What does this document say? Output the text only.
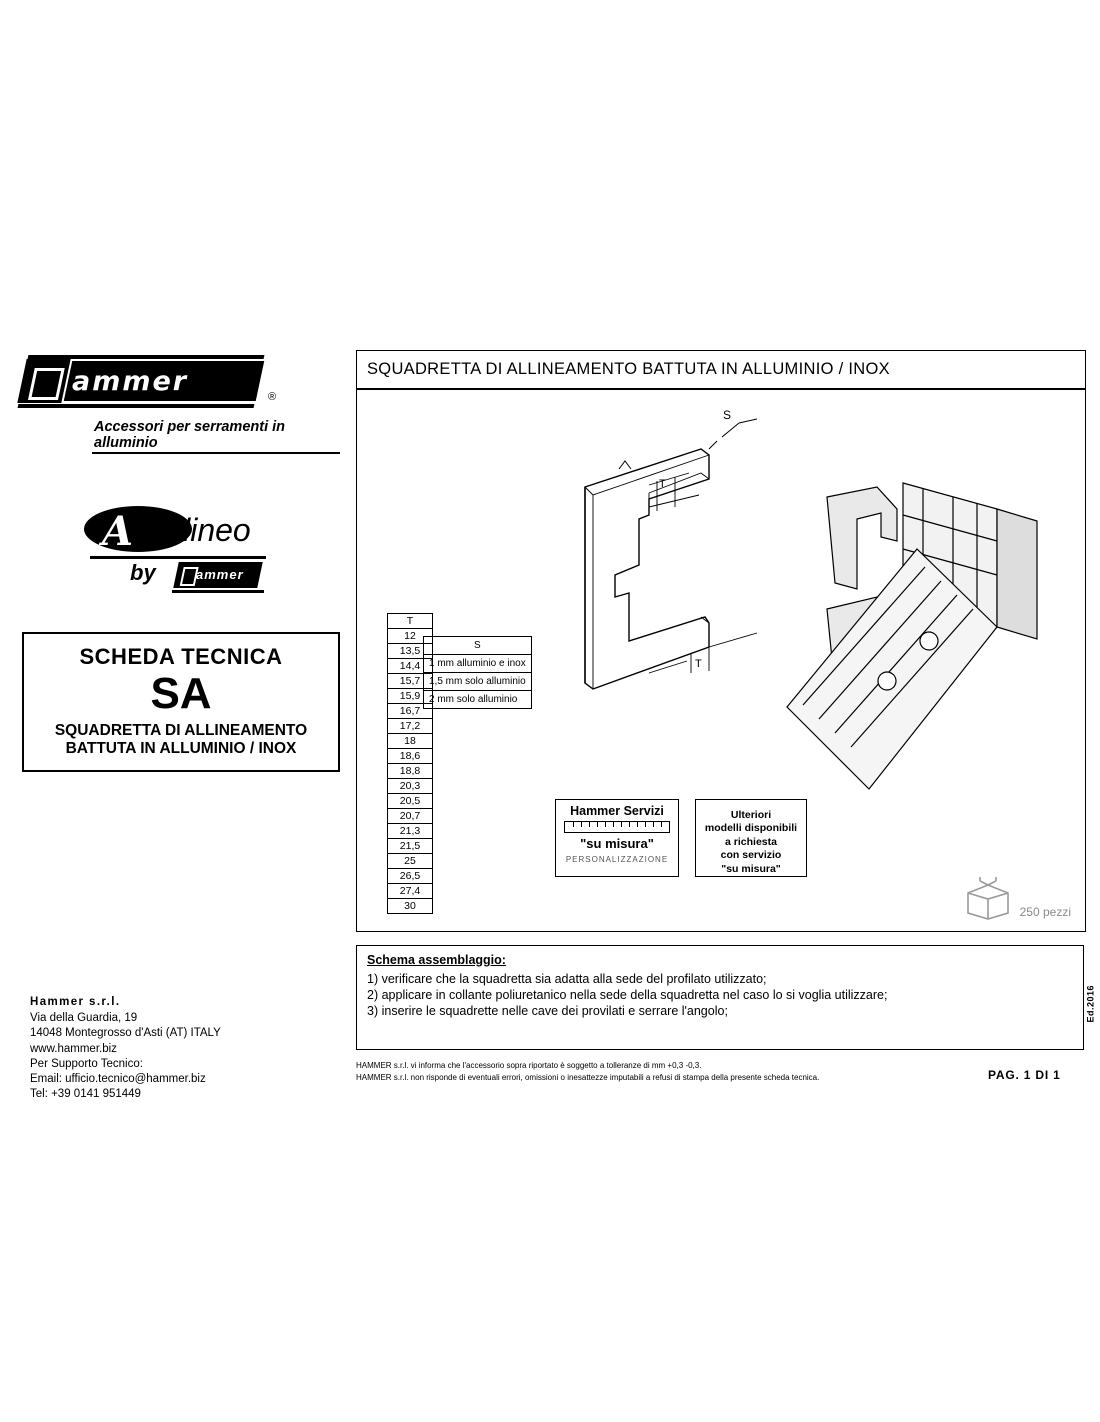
ammer	®
Accessori per serramenti in alluminio
A llineo
by	ammer
SCHEDA TECNICA
SA
SQUADRETTA DI ALLINEAMENTO
BATTUTA IN ALLUMINIO / INOX
Hammer s.r.l.
Via della Guardia, 19
14048 Montegrosso d'Asti (AT) ITALY
www.hammer.biz
Per Supporto Tecnico:
Email: ufficio.tecnico@hammer.biz
Tel: +39 0141 951449
SQUADRETTA DI ALLINEAMENTO BATTUTA IN ALLUMINIO / INOX
S
T
T
T
12
13,5
14,4
15,7
15,9
16,7
17,2
18
18,6
18,8
20,3
20,5
20,7
21,3
21,5
25
26,5
27,4
30
S
1 mm alluminio e inox
1,5 mm solo alluminio
2 mm solo alluminio
Hammer Servizi
"su misura"
PERSONALIZZAZIONE
Ulteriori
modelli disponibili
a richiesta
con servizio
"su misura"
250 pezzi
Schema assemblaggio:
1) verificare che la squadretta sia adatta alla sede del profilato utilizzato;
2) applicare in collante poliuretanico nella sede della squadretta nel caso lo si voglia utilizzare;
3) inserire le squadrette nelle cave dei provilati e serrare l'angolo;
HAMMER s.r.l. vi informa che l'accessorio sopra riportato è soggetto a tolleranze di mm +0,3 -0,3.
HAMMER s.r.l. non risponde di eventuali errori, omissioni o inesattezze imputabili a refusi di stampa della presente scheda tecnica.	PAG. 1 DI 1
Ed.2016
